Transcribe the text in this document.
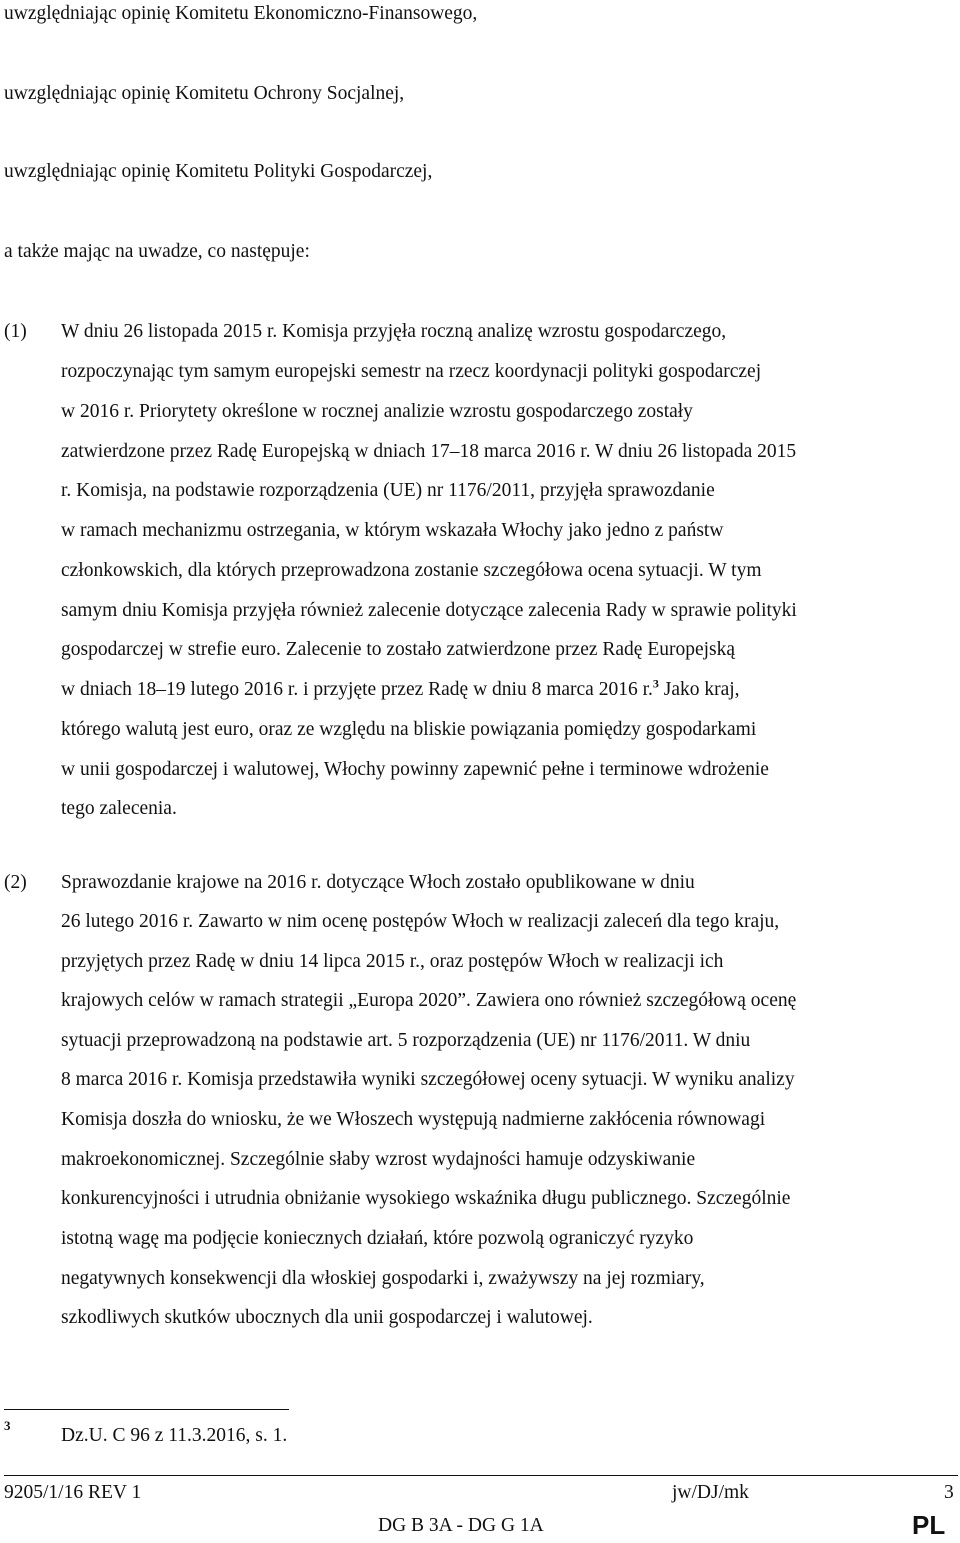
uwzględniając opinię Komitetu Ekonomiczno-Finansowego,
uwzględniając opinię Komitetu Ochrony Socjalnej,
uwzględniając opinię Komitetu Polityki Gospodarczej,
a także mając na uwadze, co następuje:
(1) W dniu 26 listopada 2015 r. Komisja przyjęła roczną analizę wzrostu gospodarczego,
rozpoczynając tym samym europejski semestr na rzecz koordynacji polityki gospodarczej
w 2016 r. Priorytety określone w rocznej analizie wzrostu gospodarczego zostały
zatwierdzone przez Radę Europejską w dniach 17–18 marca 2016 r. W dniu 26 listopada 2015
r. Komisja, na podstawie rozporządzenia (UE) nr 1176/2011, przyjęła sprawozdanie
w ramach mechanizmu ostrzegania, w którym wskazała Włochy jako jedno z państw
członkowskich, dla których przeprowadzona zostanie szczegółowa ocena sytuacji. W tym
samym dniu Komisja przyjęła również zalecenie dotyczące zalecenia Rady w sprawie polityki
gospodarczej w strefie euro. Zalecenie to zostało zatwierdzone przez Radę Europejską
w dniach 18–19 lutego 2016 r. i przyjęte przez Radę w dniu 8 marca 2016 r.$^3$ Jako kraj,
którego walutą jest euro, oraz ze względu na bliskie powiązania pomiędzy gospodarkami
w unii gospodarczej i walutowej, Włochy powinny zapewnić pełne i terminowe wdrożenie
tego zalecenia.
(2) Sprawozdanie krajowe na 2016 r. dotyczące Włoch zostało opublikowane w dniu
26 lutego 2016 r. Zawarto w nim ocenę postępów Włoch w realizacji zaleceń dla tego kraju,
przyjętych przez Radę w dniu 14 lipca 2015 r., oraz postępów Włoch w realizacji ich
krajowych celów w ramach strategii „Europa 2020”. Zawiera ono również szczegółową ocenę
sytuacji przeprowadzoną na podstawie art. 5 rozporządzenia (UE) nr 1176/2011. W dniu
8 marca 2016 r. Komisja przedstawiła wyniki szczegółowej oceny sytuacji. W wyniku analizy
Komisja doszła do wniosku, że we Włoszech występują nadmierne zakłócenia równowagi
makroekonomicznej. Szczególnie słaby wzrost wydajności hamuje odzyskiwanie
konkurencyjności i utrudnia obniżanie wysokiego wskaźnika długu publicznego. Szczególnie
istotną wagę ma podjęcie koniecznych działań, które pozwolą ograniczyć ryzyko
negatywnych konsekwencji dla włoskiej gospodarki i, zważywszy na jej rozmiary,
szkodliwych skutków ubocznych dla unii gospodarczej i walutowej.
3	Dz.U. C 96 z 11.3.2016, s. 1.
9205/1/16 REV 1	jw/DJ/mk	3
DG B 3A - DG G 1A	PL
